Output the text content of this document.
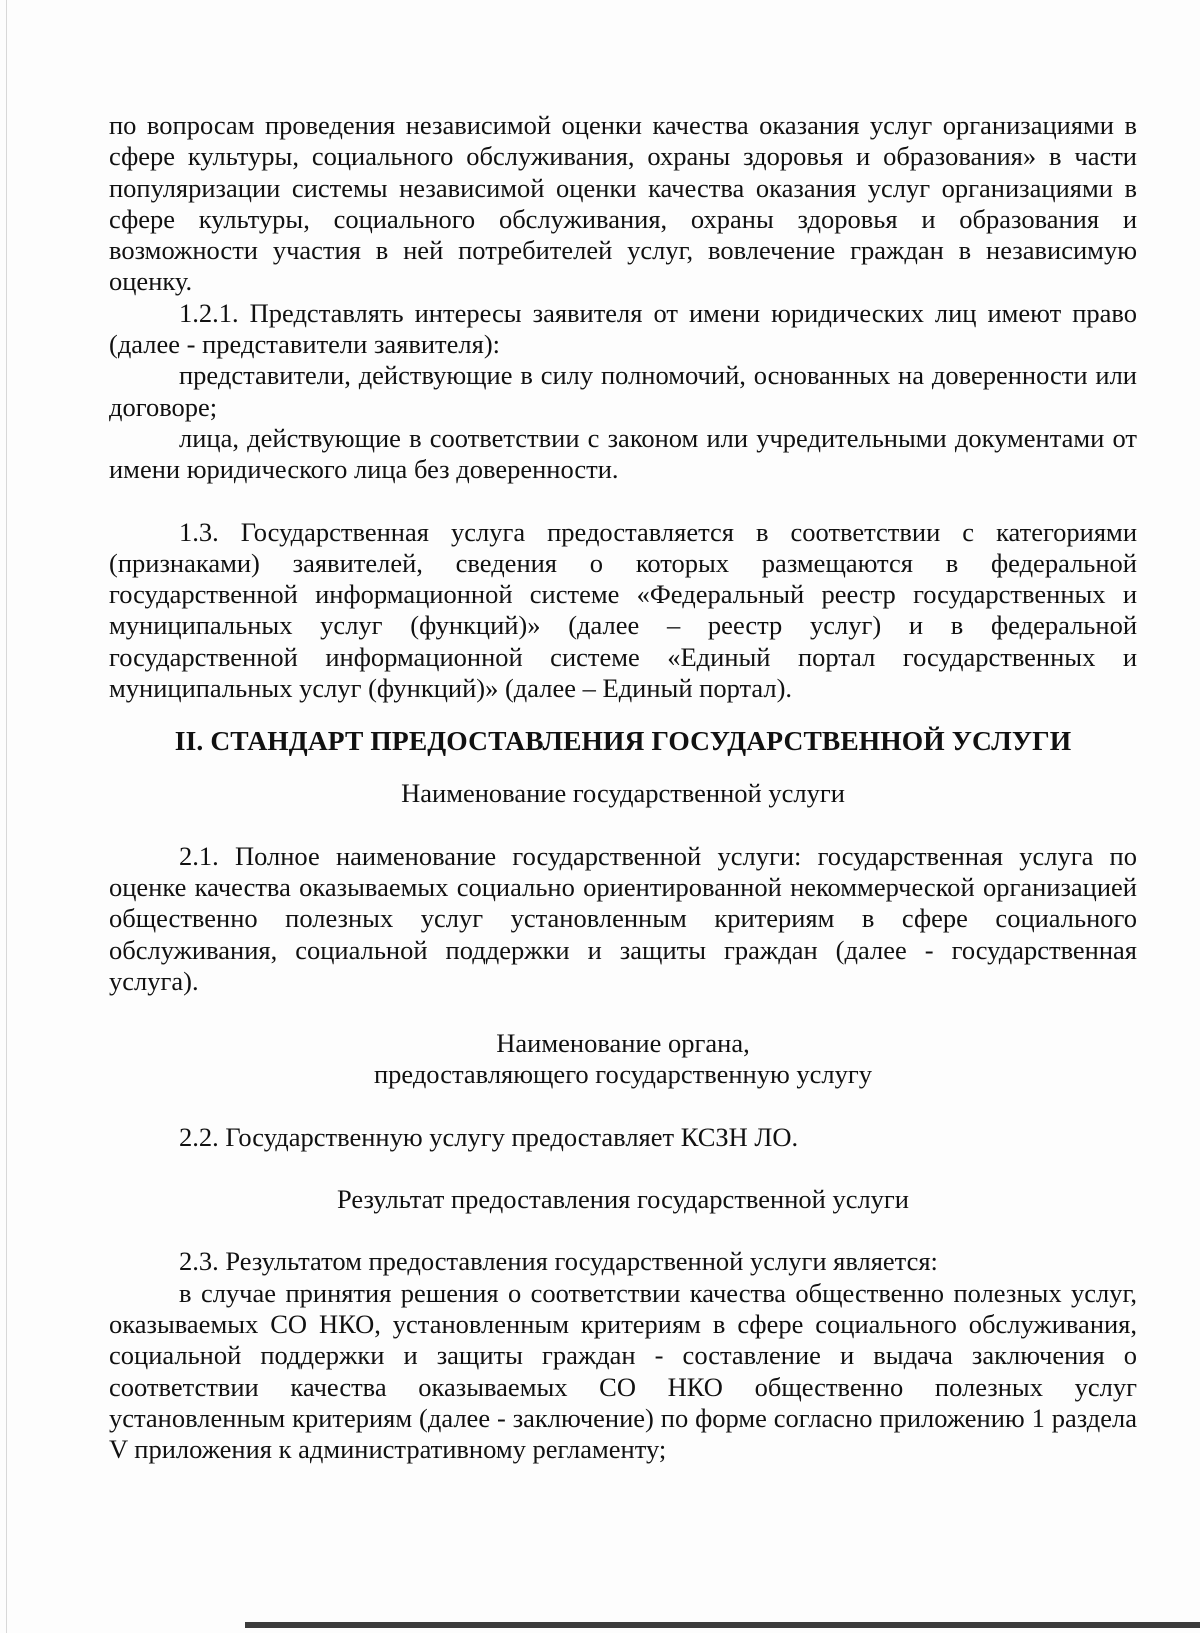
по вопросам проведения независимой оценки качества оказания услуг организациями в сфере культуры, социального обслуживания, охраны здоровья и образования» в части популяризации системы независимой оценки качества оказания услуг организациями в сфере культуры, социального обслуживания, охраны здоровья и образования и возможности участия в ней потребителей услуг, вовлечение граждан в независимую оценку.

1.2.1. Представлять интересы заявителя от имени юридических лиц имеют право (далее - представители заявителя):

представители, действующие в силу полномочий, основанных на доверенности или договоре;

лица, действующие в соответствии с законом или учредительными документами от имени юридического лица без доверенности.

1.3. Государственная услуга предоставляется в соответствии с категориями (признаками) заявителей, сведения о которых размещаются в федеральной государственной информационной системе «Федеральный реестр государственных и муниципальных услуг (функций)» (далее – реестр услуг) и в федеральной государственной информационной системе «Единый портал государственных и муниципальных услуг (функций)» (далее – Единый портал).

II. СТАНДАРТ ПРЕДОСТАВЛЕНИЯ ГОСУДАРСТВЕННОЙ УСЛУГИ

Наименование государственной услуги

2.1. Полное наименование государственной услуги: государственная услуга по оценке качества оказываемых социально ориентированной некоммерческой организацией общественно полезных услуг установленным критериям в сфере социального обслуживания, социальной поддержки и защиты граждан (далее - государственная услуга).

Наименование органа,

предоставляющего государственную услугу

2.2. Государственную услугу предоставляет КСЗН ЛО.

Результат предоставления государственной услуги

2.3. Результатом предоставления государственной услуги является:

в случае принятия решения о соответствии качества общественно полезных услуг, оказываемых СО НКО, установленным критериям в сфере социального обслуживания, социальной поддержки и защиты граждан - составление и выдача заключения о соответствии качества оказываемых СО НКО общественно полезных услуг установленным критериям (далее - заключение) по форме согласно приложению 1 раздела V приложения к административному регламенту;
